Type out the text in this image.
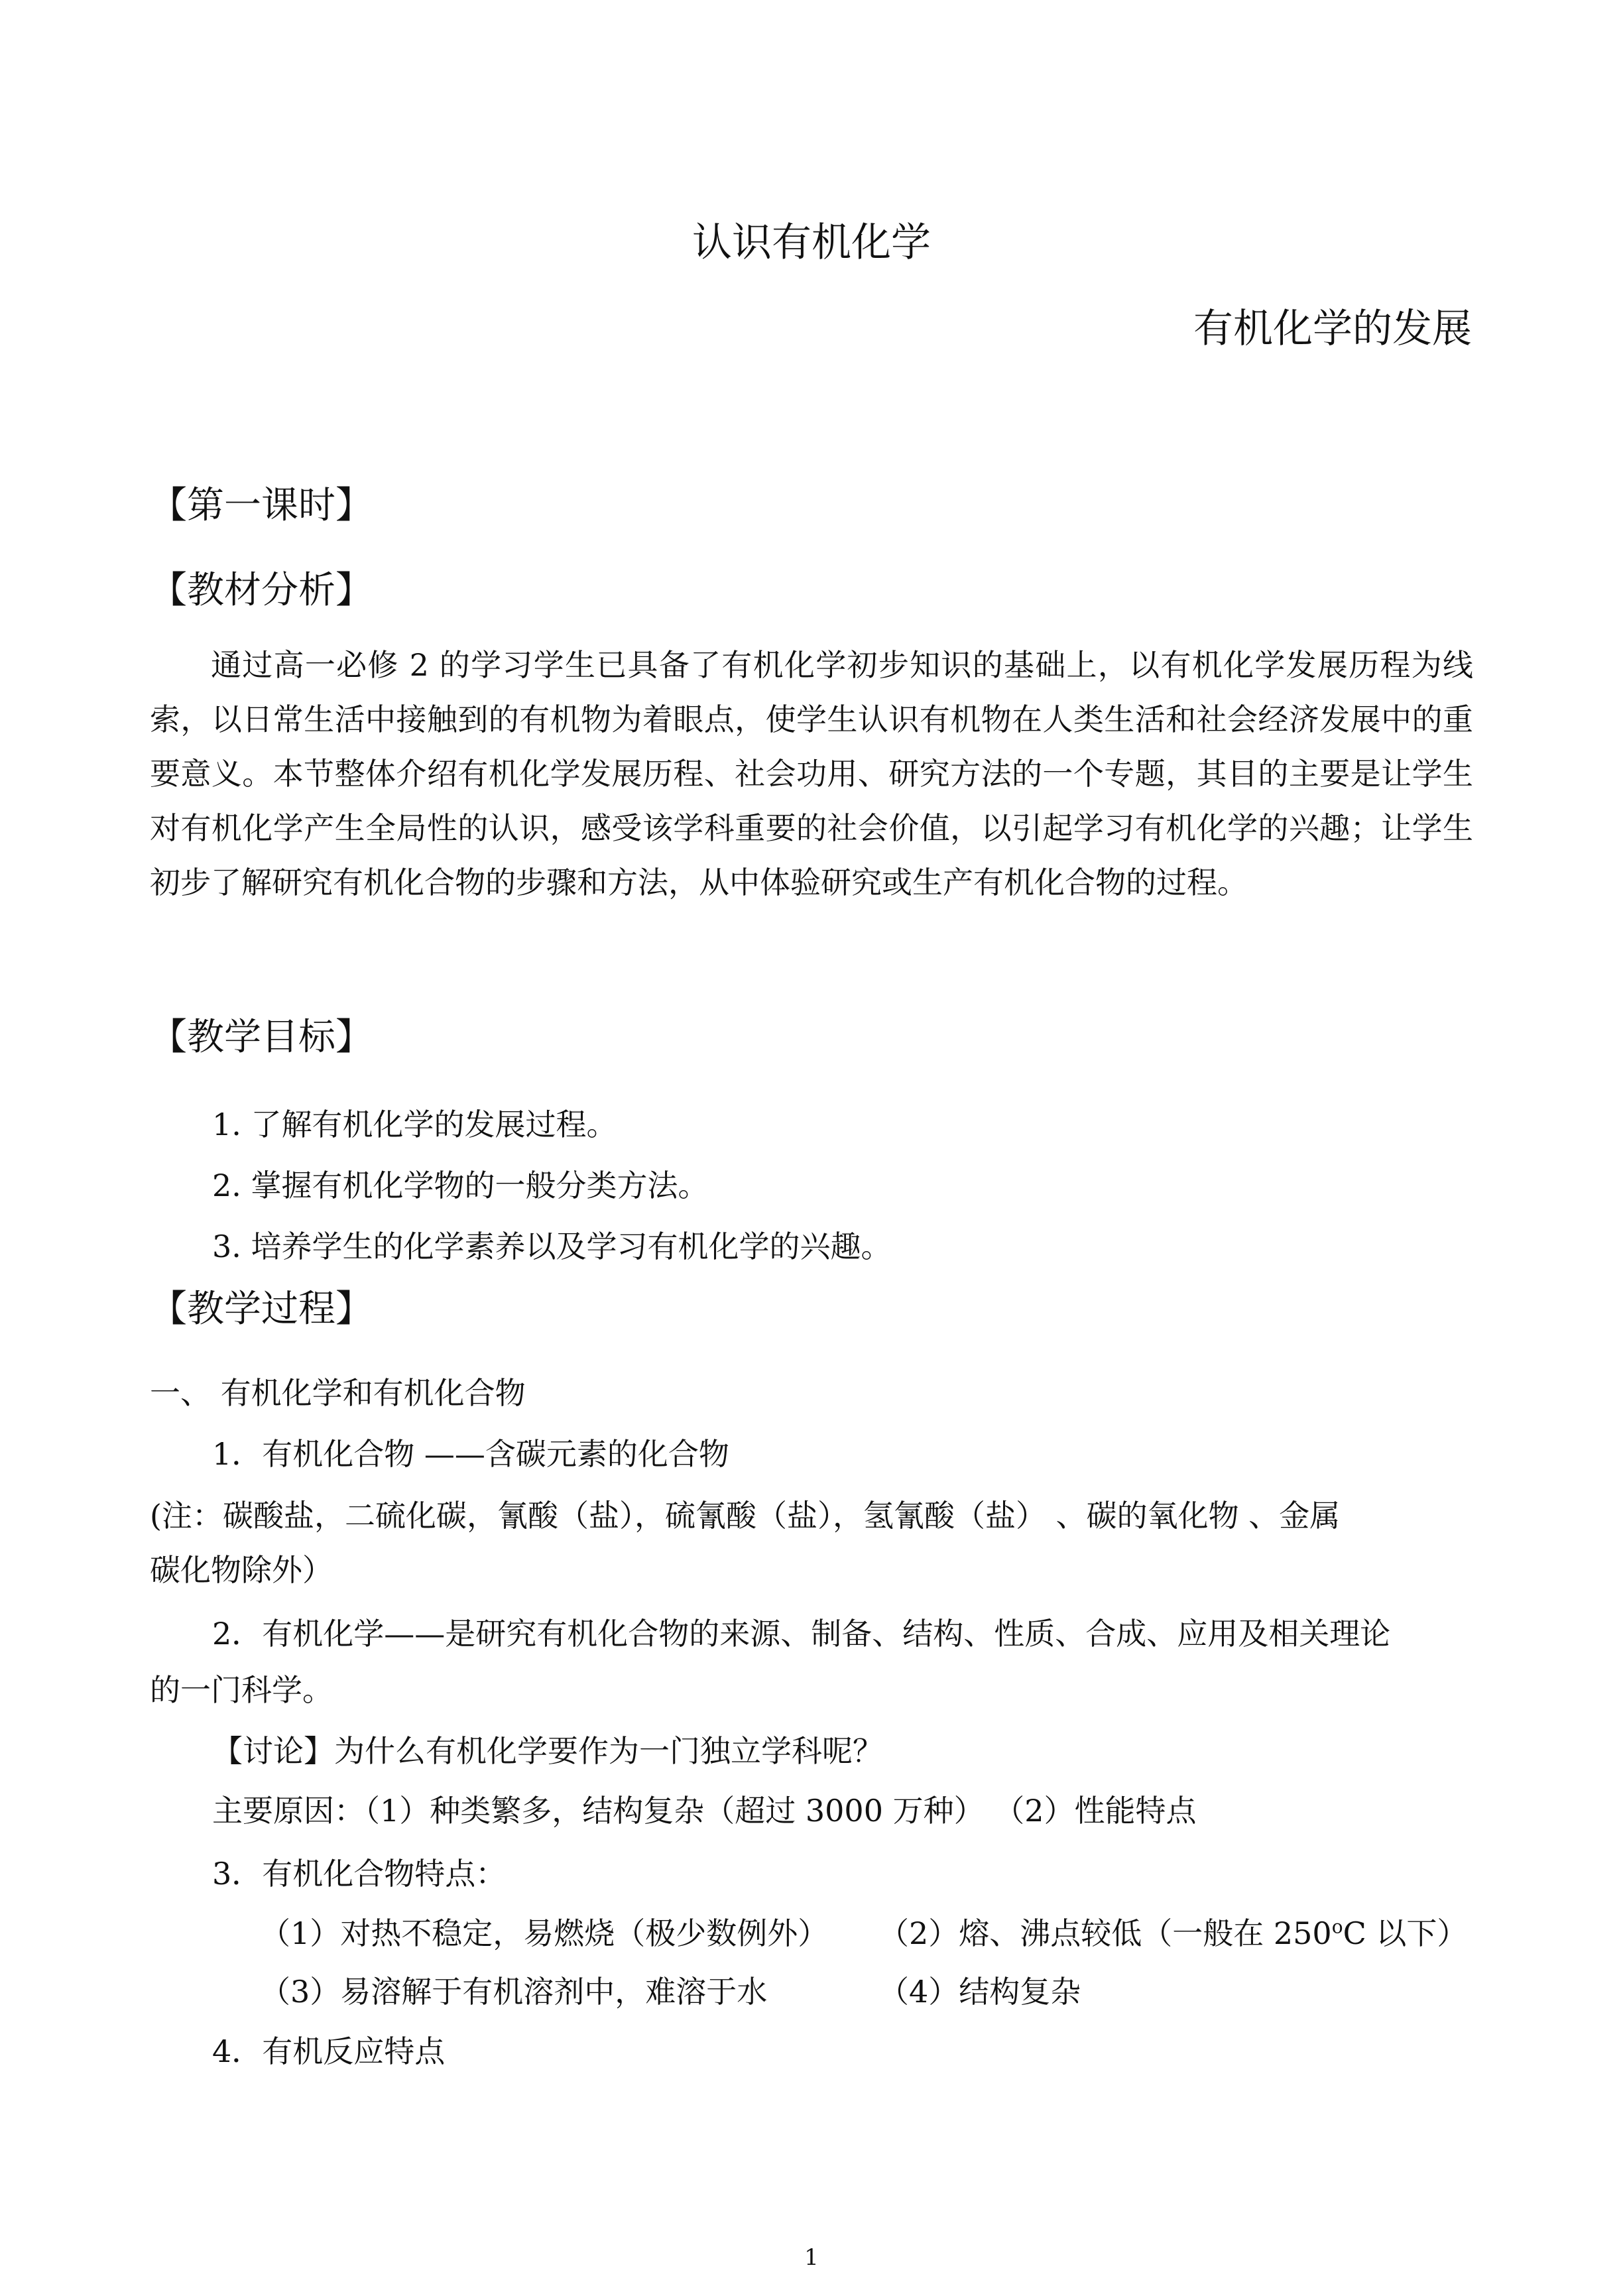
认识有机化学
有机化学的发展
【第一课时】
【教材分析】
通过高一必修 2 的学习学生已具备了有机化学初步知识的基础上，以有机化学发展历程为线索，以日常生活中接触到的有机物为着眼点，使学生认识有机物在人类生活和社会经济发展中的重要意义。本节整体介绍有机化学发展历程、社会功用、研究方法的一个专题，其目的主要是让学生对有机化学产生全局性的认识，感受该学科重要的社会价值，以引起学习有机化学的兴趣；让学生初步了解研究有机化合物的步骤和方法，从中体验研究或生产有机化合物的过程。
【教学目标】
1. 了解有机化学的发展过程。
2. 掌握有机化学物的一般分类方法。
3. 培养学生的化学素养以及学习有机化学的兴趣。
【教学过程】
一、 有机化学和有机化合物
1．有机化合物 ——含碳元素的化合物
(注：碳酸盐，二硫化碳，氰酸（盐），硫氰酸（盐），氢氰酸（盐） 、碳的氧化物 、金属
碳化物除外）
2．有机化学——是研究有机化合物的来源、制备、结构、性质、合成、应用及相关理论
的一门科学。
【讨论】为什么有机化学要作为一门独立学科呢？
主要原因：（1）种类繁多，结构复杂（超过 3000 万种） （2）性能特点
3．有机化合物特点：
（1）对热不稳定，易燃烧（极少数例外） （2）熔、沸点较低（一般在 250$^o$C 以下）
（3）易溶解于有机溶剂中，难溶于水	（4）结构复杂
4．有机反应特点
1
